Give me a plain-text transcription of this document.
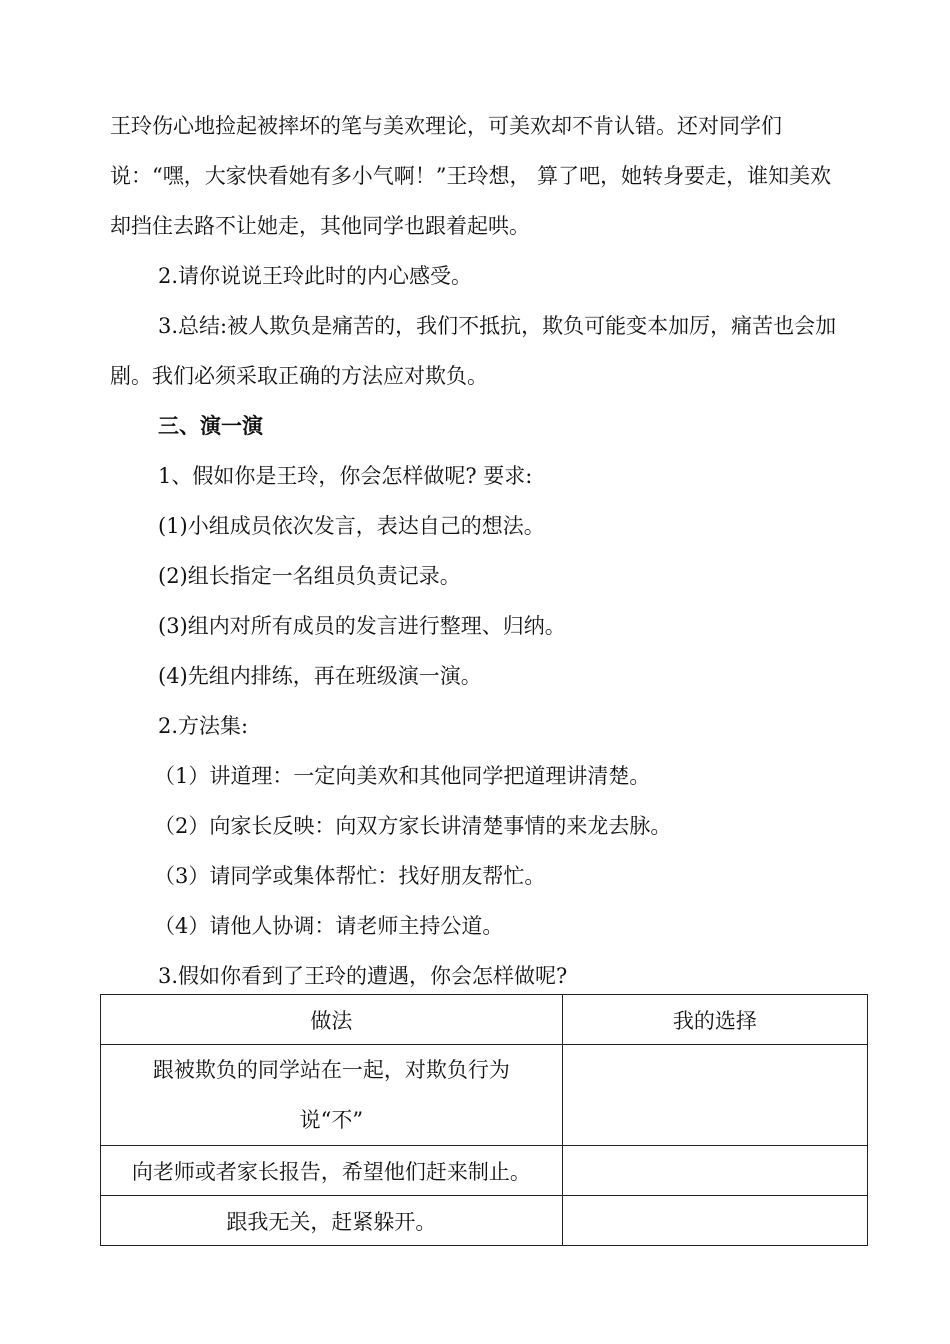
王玲伤心地捡起被摔坏的笔与美欢理论，可美欢却不肯认错。还对同学们说：“嘿，大家快看她有多小气啊！”王玲想， 算了吧，她转身要走，谁知美欢却挡住去路不让她走，其他同学也跟着起哄。

2.请你说说王玲此时的内心感受。

3.总结:被人欺负是痛苦的，我们不抵抗，欺负可能变本加厉，痛苦也会加剧。我们必须采取正确的方法应对欺负。

三、演一演

1、假如你是王玲，你会怎样做呢? 要求:

(1)小组成员依次发言，表达自己的想法。

(2)组长指定一名组员负责记录。

(3)组内对所有成员的发言进行整理、归纳。

(4)先组内排练，再在班级演一演。

2.方法集:

（1）讲道理：一定向美欢和其他同学把道理讲清楚。

（2）向家长反映：向双方家长讲清楚事情的来龙去脉。

（3）请同学或集体帮忙：找好朋友帮忙。

（4）请他人协调：请老师主持公道。

3.假如你看到了王玲的遭遇，你会怎样做呢?

做法	我的选择
跟被欺负的同学站在一起，对欺负行为说“不”	
向老师或者家长报告，希望他们赶来制止。	
跟我无关，赶紧躲开。	
